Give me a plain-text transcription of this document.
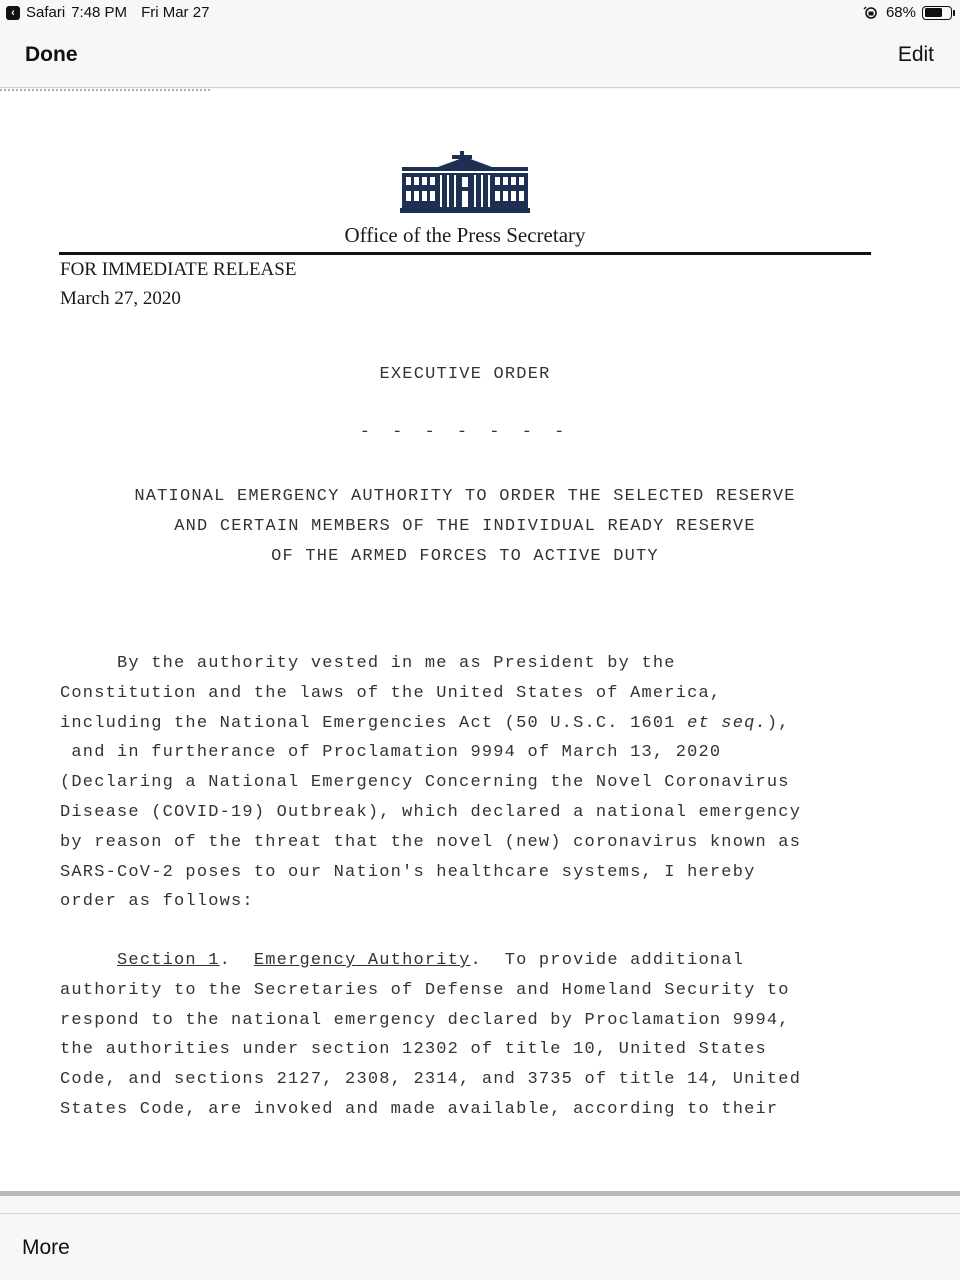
‹ Safari 7:48 PM Fri Mar 27	68%
Done	Edit
Office of the Press Secretary
FOR IMMEDIATE RELEASE
March 27, 2020
EXECUTIVE ORDER
- - - - - - -
NATIONAL EMERGENCY AUTHORITY TO ORDER THE SELECTED RESERVE
AND CERTAIN MEMBERS OF THE INDIVIDUAL READY RESERVE
OF THE ARMED FORCES TO ACTIVE DUTY
By the authority vested in me as President by the
Constitution and the laws of the United States of America,
including the National Emergencies Act (50 U.S.C. 1601 et seq.),
and in furtherance of Proclamation 9994 of March 13, 2020
(Declaring a National Emergency Concerning the Novel Coronavirus
Disease (COVID-19) Outbreak), which declared a national emergency
by reason of the threat that the novel (new) coronavirus known as
SARS-CoV-2 poses to our Nation's healthcare systems, I hereby
order as follows:
Section 1.  Emergency Authority.  To provide additional
authority to the Secretaries of Defense and Homeland Security to
respond to the national emergency declared by Proclamation 9994,
the authorities under section 12302 of title 10, United States
Code, and sections 2127, 2308, 2314, and 3735 of title 14, United
States Code, are invoked and made available, according to their
More
